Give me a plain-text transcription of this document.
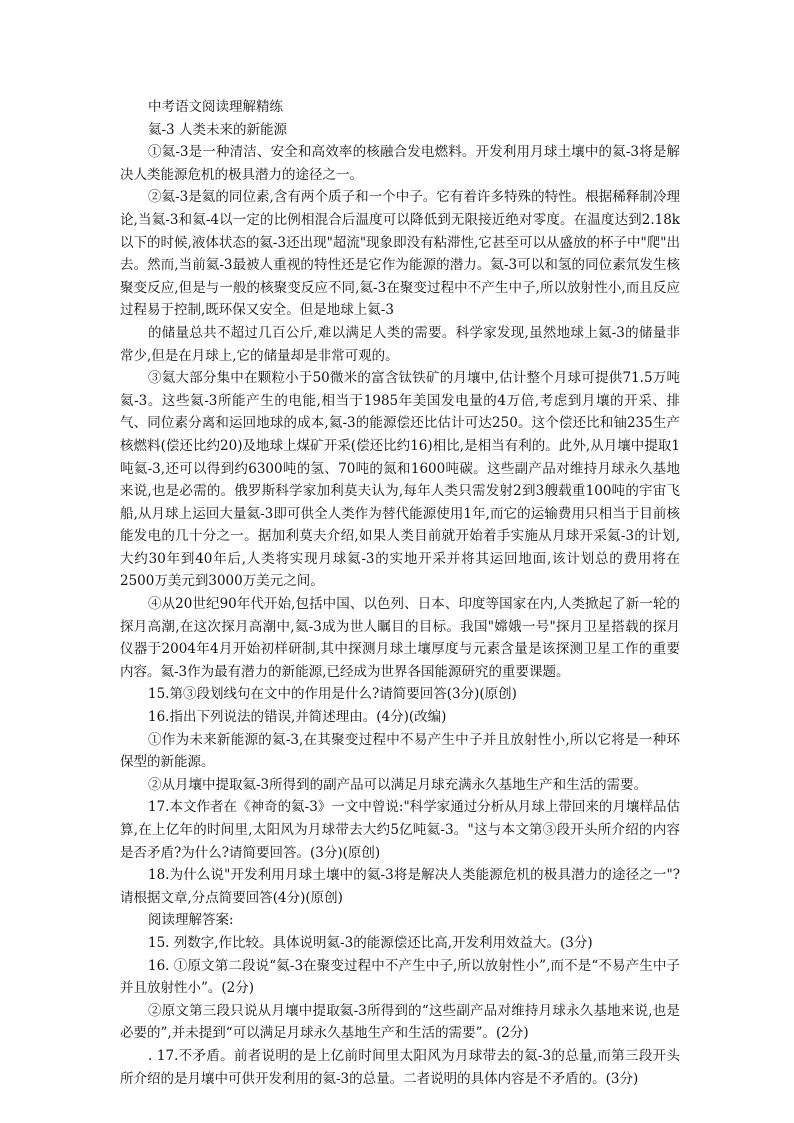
中考语文阅读理解精练

氦-3 人类未来的新能源

①氦-3是一种清洁、安全和高效率的核融合发电燃料。开发利用月球土壤中的氦-3将是解决人类能源危机的极具潜力的途径之一。

②氦-3是氦的同位素,含有两个质子和一个中子。它有着许多特殊的特性。根据稀释制冷理论,当氦-3和氦-4以一定的比例相混合后温度可以降低到无限接近绝对零度。在温度达到2.18k以下的时候,液体状态的氦-3还出现"超流"现象即没有粘滞性,它甚至可以从盛放的杯子中"爬"出去。然而,当前氦-3最被人重视的特性还是它作为能源的潜力。氦-3可以和氢的同位素氘发生核聚变反应,但是与一般的核聚变反应不同,氦-3在聚变过程中不产生中子,所以放射性小,而且反应过程易于控制,既环保又安全。但是地球上氦-3

的储量总共不超过几百公斤,难以满足人类的需要。科学家发现,虽然地球上氦-3的储量非常少,但是在月球上,它的储量却是非常可观的。

③氦大部分集中在颗粒小于50微米的富含钛铁矿的月壤中,估计整个月球可提供71.5万吨氦-3。这些氦-3所能产生的电能,相当于1985年美国发电量的4万倍,考虑到月壤的开采、排气、同位素分离和运回地球的成本,氦-3的能源偿还比估计可达250。这个偿还比和铀235生产核燃料(偿还比约20)及地球上煤矿开采(偿还比约16)相比,是相当有利的。此外,从月壤中提取1吨氦-3,还可以得到约6300吨的氢、70吨的氮和1600吨碳。这些副产品对维持月球永久基地来说,也是必需的。俄罗斯科学家加利莫夫认为,每年人类只需发射2到3艘载重100吨的宇宙飞船,从月球上运回大量氦-3即可供全人类作为替代能源使用1年,而它的运输费用只相当于目前核能发电的几十分之一。据加利莫夫介绍,如果人类目前就开始着手实施从月球开采氦-3的计划,大约30年到40年后,人类将实现月球氦-3的实地开采并将其运回地面,该计划总的费用将在2500万美元到3000万美元之间。

④从20世纪90年代开始,包括中国、以色列、日本、印度等国家在内,人类掀起了新一轮的探月高潮,在这次探月高潮中,氦-3成为世人瞩目的目标。我国"嫦娥一号"探月卫星搭载的探月仪器于2004年4月开始初样研制,其中探测月球土壤厚度与元素含量是该探测卫星工作的重要内容。氦-3作为最有潜力的新能源,已经成为世界各国能源研究的重要课题。

15.第③段划线句在文中的作用是什么?请简要回答(3分)(原创)

16.指出下列说法的错误,并简述理由。(4分)(改编)

①作为未来新能源的氦-3,在其聚变过程中不易产生中子并且放射性小,所以它将是一种环保型的新能源。

②从月壤中提取氦-3所得到的副产品可以满足月球充满永久基地生产和生活的需要。

17.本文作者在《神奇的氦-3》一文中曾说:"科学家通过分析从月球上带回来的月壤样品估算,在上亿年的时间里,太阳风为月球带去大约5亿吨氦-3。"这与本文第③段开头所介绍的内容是否矛盾?为什么?请简要回答。(3分)(原创)

18.为什么说"开发利用月球土壤中的氦-3将是解决人类能源危机的极具潜力的途径之一"?请根据文章,分点简要回答(4分)(原创)

阅读理解答案:

15. 列数字,作比较。具体说明氦-3的能源偿还比高,开发利用效益大。(3分)

16. ①原文第二段说“氦-3在聚变过程中不产生中子,所以放射性小”,而不是“不易产生中子并且放射性小”。(2分)

②原文第三段只说从月壤中提取氦-3所得到的“这些副产品对维持月球永久基地来说,也是必要的”,并未提到“可以满足月球永久基地生产和生活的需要”。(2分)

. 17.不矛盾。前者说明的是上亿前时间里太阳风为月球带去的氦-3的总量,而第三段开头所介绍的是月壤中可供开发利用的氦-3的总量。二者说明的具体内容是不矛盾的。(3分)
